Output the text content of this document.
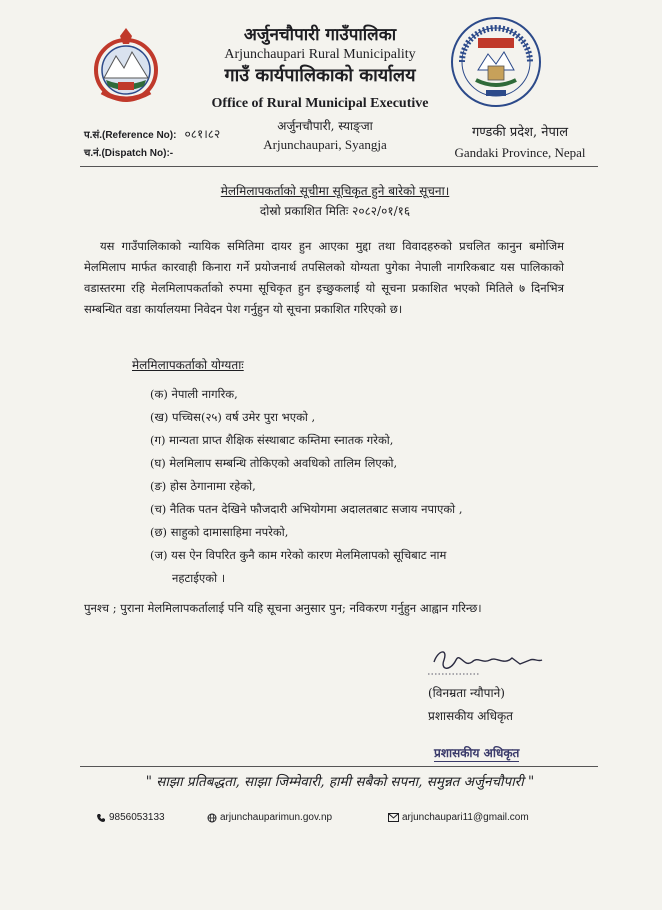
अर्जुनचौपारी गाउँपालिका
Arjunchaupari Rural Municipality
गाउँ कार्यपालिकाको कार्यालय
Office of Rural Municipal Executive
प.सं.(Reference No): ०८१।८२
च.नं.(Dispatch No):-
अर्जुनचौपारी, स्याङ्जा
Arjunchaupari, Syangja
गण्डकी प्रदेश, नेपाल
Gandaki Province, Nepal
मेलमिलापकर्ताको सूचीमा सूचिकृत हुने बारेको सूचना।
दोस्रो प्रकाशित मितिः २०८२/०१/१६
यस गाउँपालिकाको न्यायिक समितिमा दायर हुन आएका मुद्दा तथा विवादहरुको प्रचलित कानुन बमोजिम मेलमिलाप मार्फत कारवाही किनारा गर्ने प्रयोजनार्थ तपसिलको योग्यता पुगेका नेपाली नागरिकबाट यस पालिकाको वडास्तरमा रहि मेलमिलापकर्ताको रुपमा सूचिकृत हुन इच्छुकलाई यो सूचना प्रकाशित भएको मितिले ७ दिनभित्र सम्बन्धित वडा कार्यालयमा निवेदन पेश गर्नुहुन यो सूचना प्रकाशित गरिएको छ।
मेलमिलापकर्ताको योग्यताः
(क) नेपाली नागरिक,
(ख) पच्चिस(२५) वर्ष उमेर पुरा भएको ,
(ग) मान्यता प्राप्त शैक्षिक संस्थाबाट कम्तिमा स्नातक गरेको,
(घ) मेलमिलाप सम्बन्धि तोकिएको अवधिको तालिम लिएको,
(ङ) होस ठेगानामा रहेको,
(च) नैतिक पतन देखिने फौजदारी अभियोगमा अदालतबाट सजाय नपाएको ,
(छ) साहुको दामासाहिमा नपरेको,
(ज) यस ऐन विपरित कुनै काम गरेको कारण मेलमिलापको सूचिबाट नाम
नहटाईएको ।
पुनश्च ; पुराना मेलमिलापकर्तालाई पनि यहि सूचना अनुसार पुन; नविकरण गर्नुहुन आह्वान गरिन्छ।
(विनम्रता न्यौपाने)
प्रशासकीय अधिकृत
प्रशासकीय अधिकृत
" साझा प्रतिबद्धता, साझा जिम्मेवारी, हामी सबैको सपना, समुन्नत अर्जुनचौपारी "
9856053133	arjunchauparimun.gov.np	arjunchaupari11@gmail.com
